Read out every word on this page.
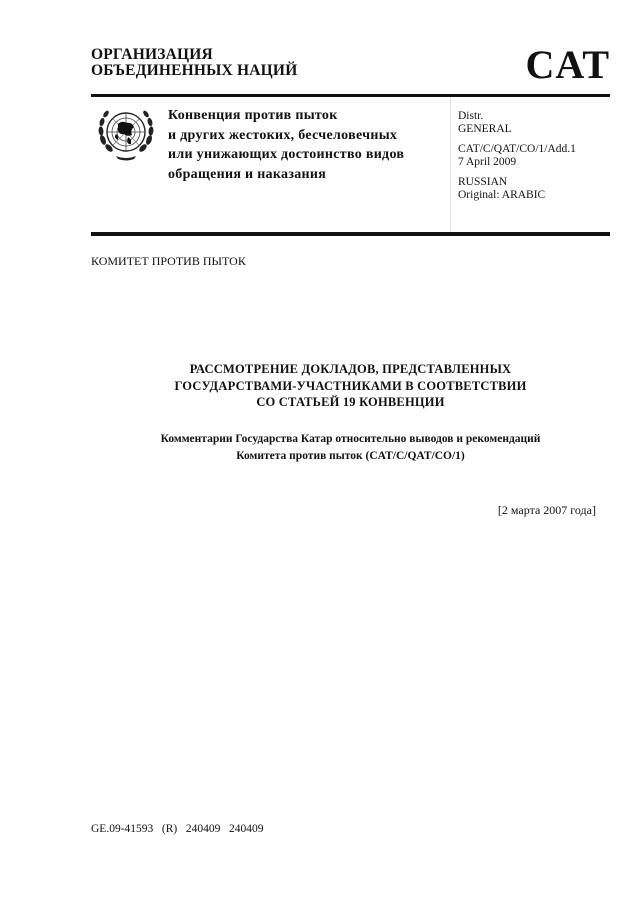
ОРГАНИЗАЦИЯ
ОБЪЕДИНЕННЫХ НАЦИЙ	CAT
Конвенция против пыток
и других жестоких, бесчеловечных
или унижающих достоинство видов
обращения и наказания
Distr.
GENERAL
CAT/C/QAT/CO/1/Add.1
7 April 2009
RUSSIAN
Original: ARABIC
КОМИТЕТ ПРОТИВ ПЫТОК
РАССМОТРЕНИЕ ДОКЛАДОВ, ПРЕДСТАВЛЕННЫХ
ГОСУДАРСТВАМИ-УЧАСТНИКАМИ В СООТВЕТСТВИИ
СО СТАТЬЕЙ 19 КОНВЕНЦИИ
Комментарии Государства Катар относительно выводов и рекомендаций
Комитета против пыток (CAT/C/QAT/CO/1)
[2 марта 2007 года]
GE.09-41593   (R)   240409   240409
